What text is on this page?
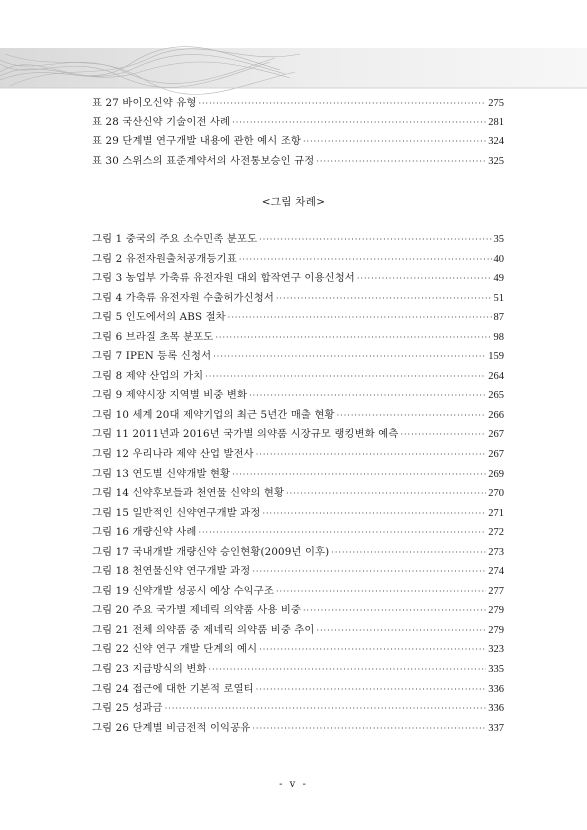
표 27 바이오신약 유형 ·····	275
표 28 국산신약 기술이전 사례 ·····	281
표 29 단계별 연구개발 내용에 관한 예시 조항 ·····	324
표 30 스위스의 표준계약서의 사전통보승인 규정 ·····	325
<그림 차례>
그림 1 중국의 주요 소수민족 분포도 ·····	35
그림 2 유전자원출처공개등기표 ·····	40
그림 3 농업부 가축류 유전자원 대외 합작연구 이용신청서 ·····	49
그림 4 가축류 유전자원 수출허가신청서 ·····	51
그림 5 인도에서의 ABS 절차 ·····	87
그림 6 브라질 초목 분포도 ·····	98
그림 7 IPEN 등록 신청서 ·····	159
그림 8 제약 산업의 가치 ·····	264
그림 9 제약시장 지역별 비중 변화 ·····	265
그림 10 세계 20대 제약기업의 최근 5년간 매출 현황 ·····	266
그림 11 2011년과 2016년 국가별 의약품 시장규모 랭킹변화 예측 ·····	267
그림 12 우리나라 제약 산업 발전사 ·····	267
그림 13 연도별 신약개발 현황 ·····	269
그림 14 신약후보들과 천연물 신약의 현황 ·····	270
그림 15 일반적인 신약연구개발 과정 ·····	271
그림 16 개량신약 사례 ·····	272
그림 17 국내개발 개량신약 승인현황(2009년 이후) ·····	273
그림 18 천연물신약 연구개발 과정 ·····	274
그림 19 신약개발 성공시 예상 수익구조 ·····	277
그림 20 주요 국가별 제네릭 의약품 사용 비중 ·····	279
그림 21 전체 의약품 중 제네릭 의약품 비중 추이 ·····	279
그림 22 신약 연구 개발 단계의 예시 ·····	323
그림 23 지급방식의 변화 ·····	335
그림 24 접근에 대한 기본적 로열티 ·····	336
그림 25 성과금 ·····	336
그림 26 단계별 비금전적 이익공유 ·····	337
- v -
